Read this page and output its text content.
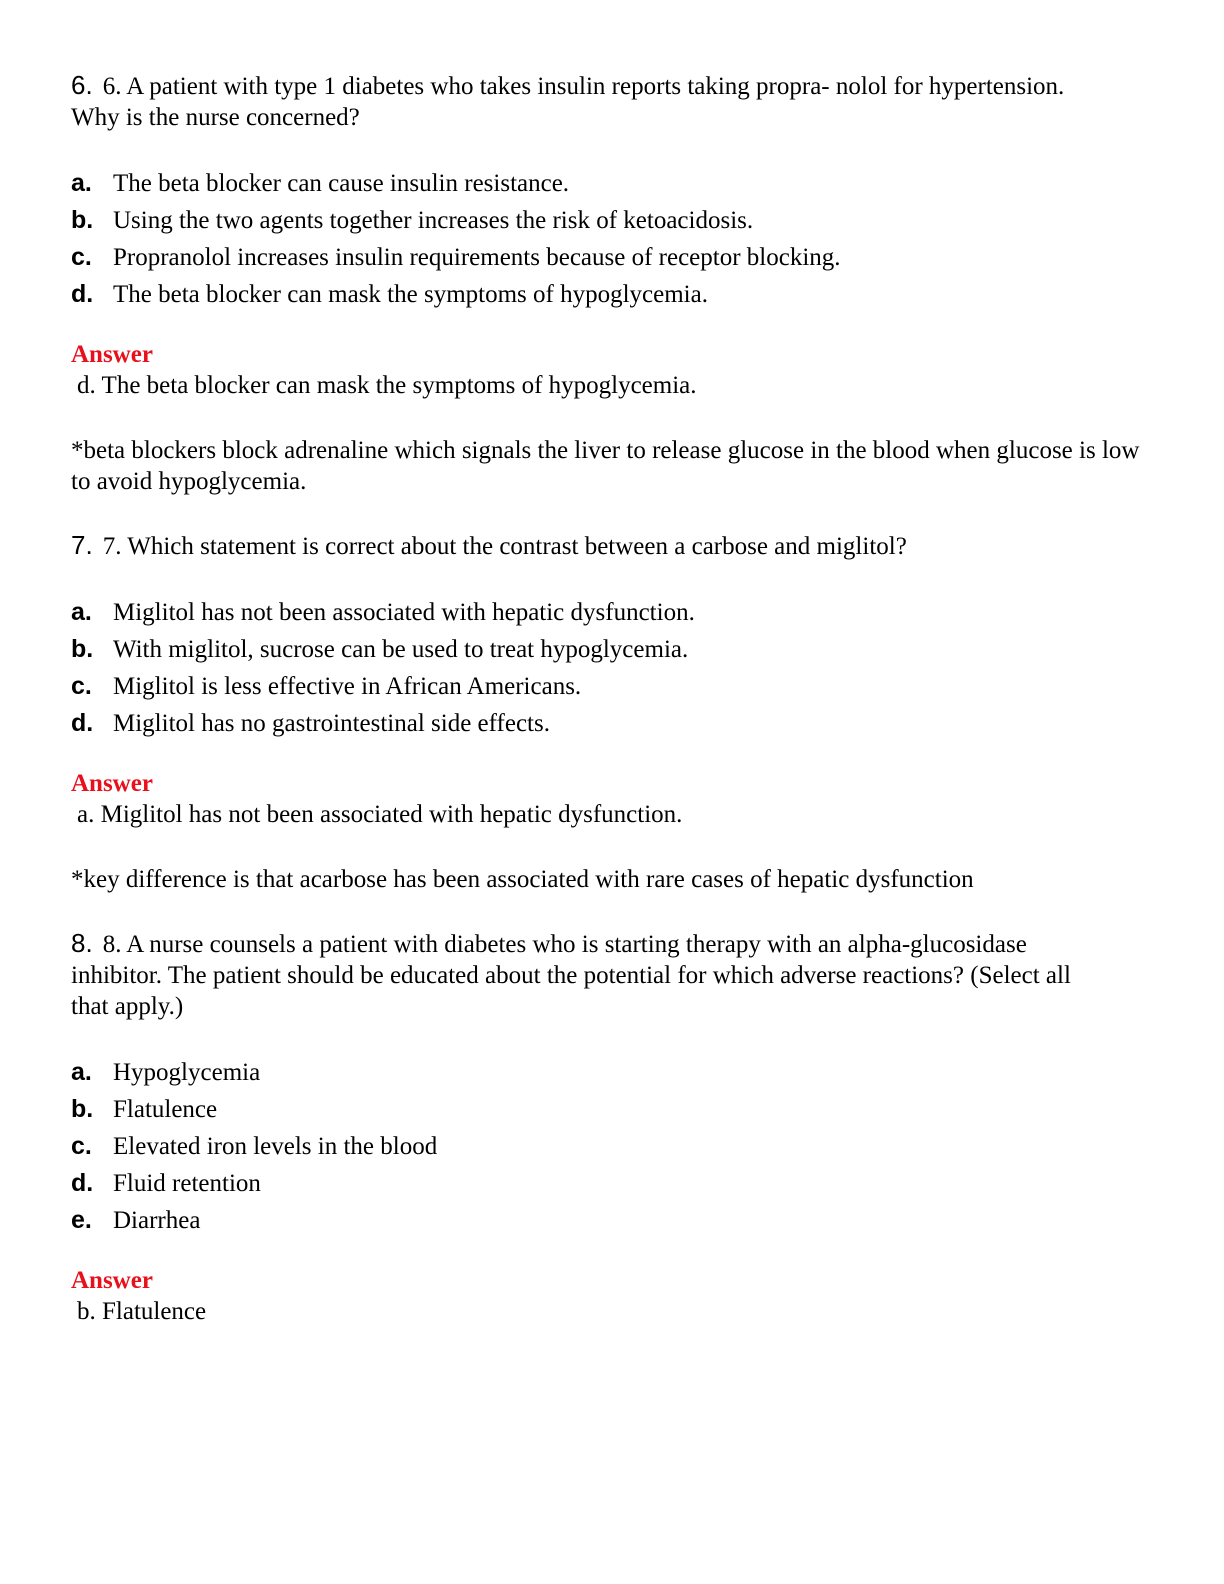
6. 6. A patient with type 1 diabetes who takes insulin reports taking propra- nolol for hypertension. Why is the nurse concerned?

a. The beta blocker can cause insulin resistance.
b. Using the two agents together increases the risk of ketoacidosis.
c. Propranolol increases insulin requirements because of receptor blocking.
d. The beta blocker can mask the symptoms of hypoglycemia.
Answer
d. The beta blocker can mask the symptoms of hypoglycemia.
*beta blockers block adrenaline which signals the liver to release glucose in the blood when glucose is low to avoid hypoglycemia.

7. 7. Which statement is correct about the contrast between a carbose and miglitol?

a. Miglitol has not been associated with hepatic dysfunction.
b. With miglitol, sucrose can be used to treat hypoglycemia.
c. Miglitol is less effective in African Americans.
d. Miglitol has no gastrointestinal side effects.
Answer
a. Miglitol has not been associated with hepatic dysfunction.
*key difference is that acarbose has been associated with rare cases of hepatic dysfunction

8. 8. A nurse counsels a patient with diabetes who is starting therapy with an alpha-glucosidase inhibitor. The patient should be educated about the potential for which adverse reactions? (Select all that apply.)

a. Hypoglycemia
b. Flatulence
c. Elevated iron levels in the blood
d. Fluid retention
e. Diarrhea
Answer
b. Flatulence
